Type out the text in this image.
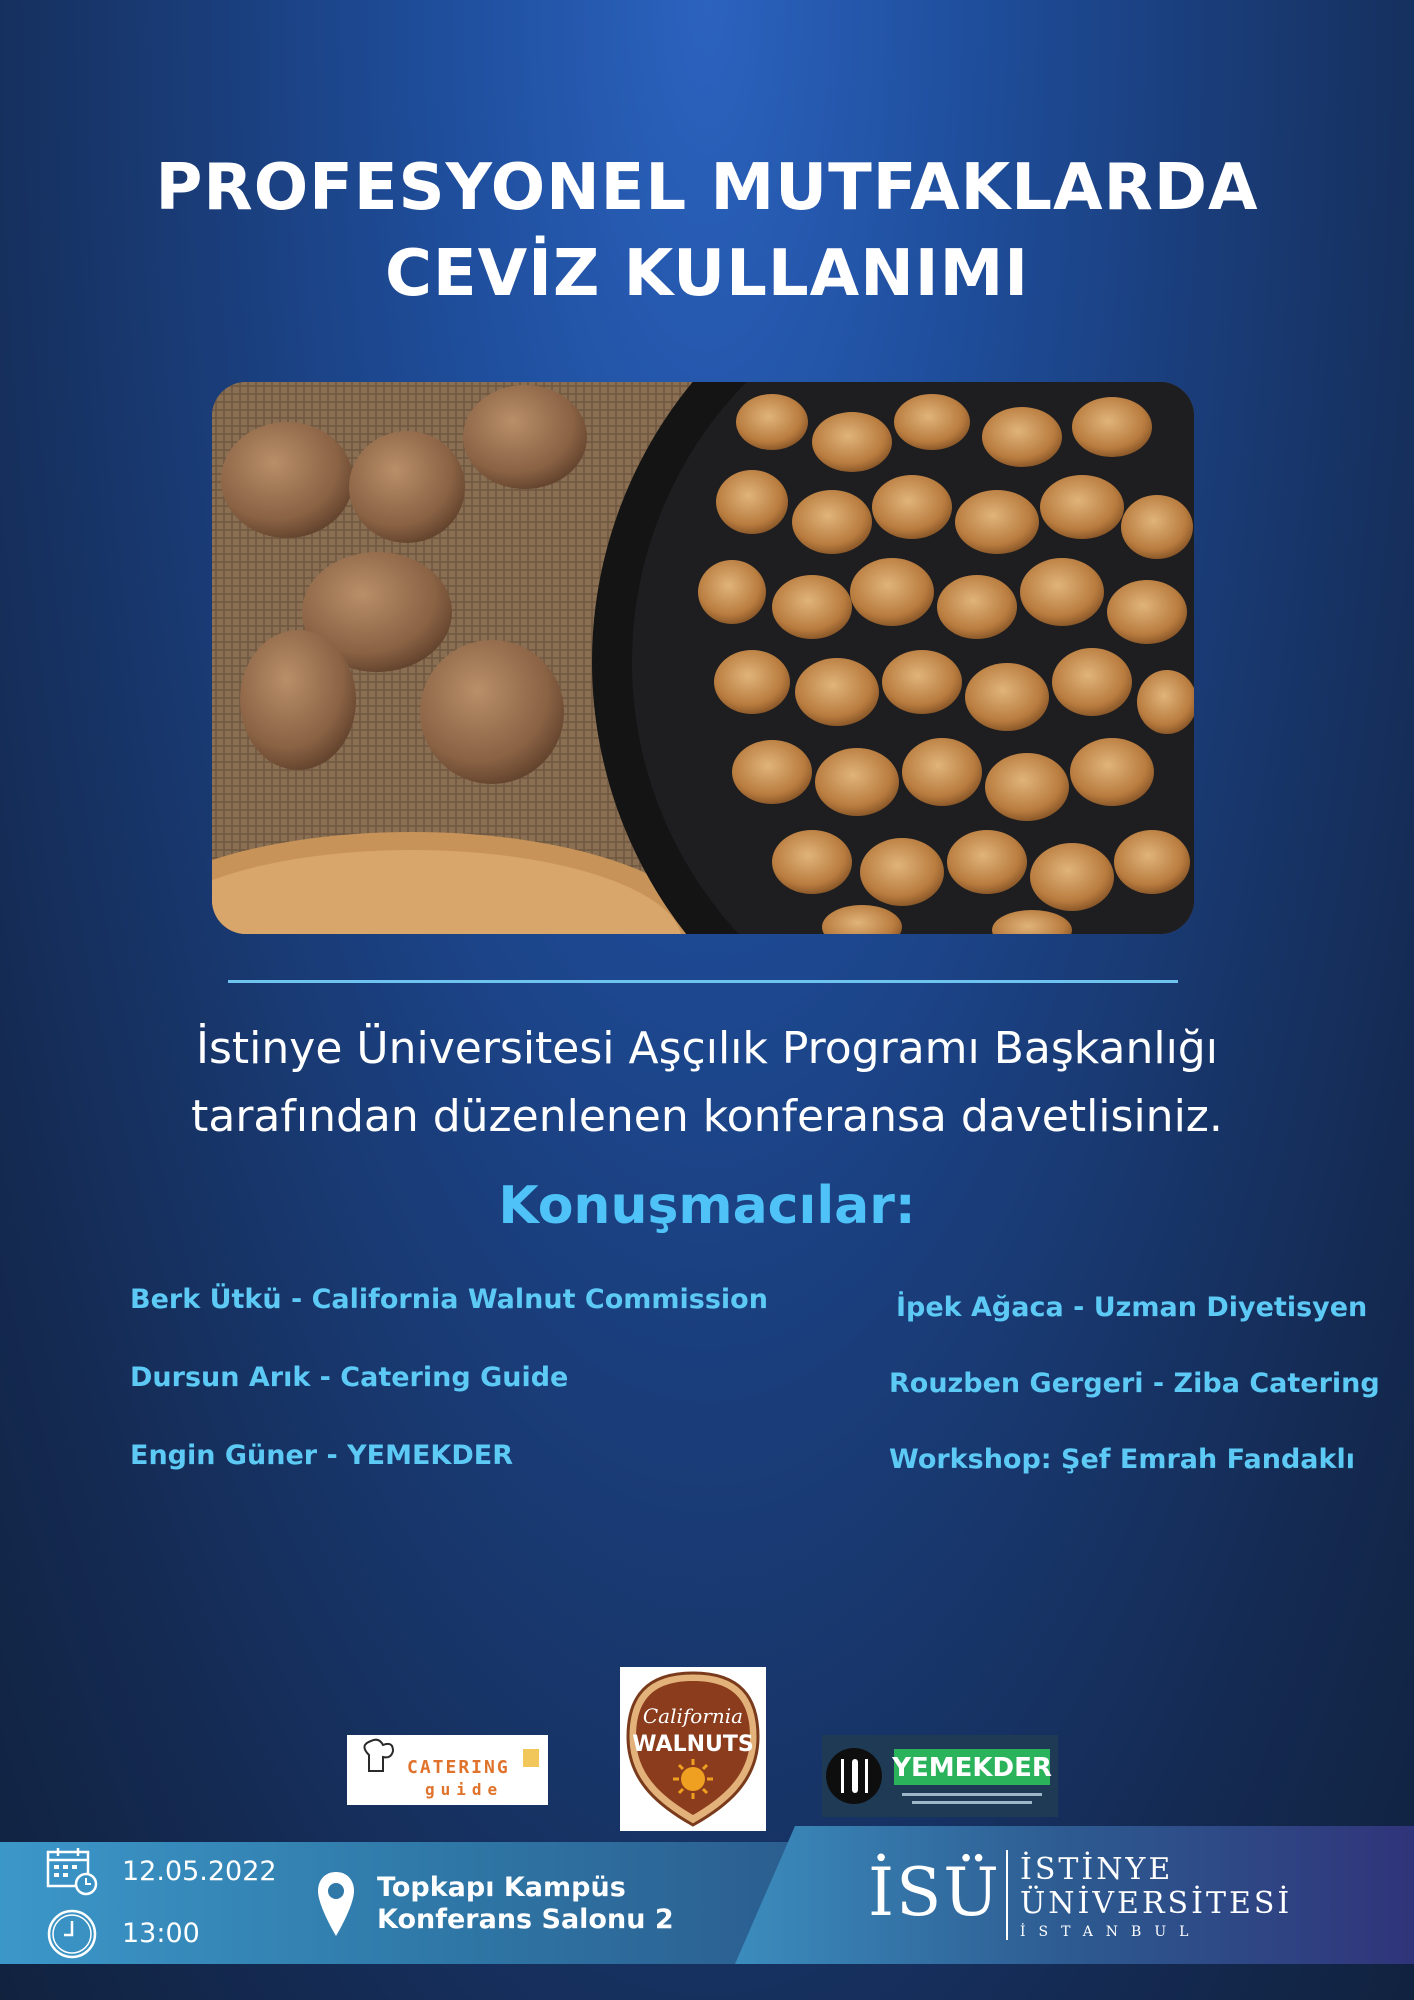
PROFESYONEL MUTFAKLARDA
CEVİZ KULLANIMI
İstinye Üniversitesi Aşçılık Programı Başkanlığı
tarafından düzenlenen konferansa davetlisiniz.
Konuşmacılar:
Berk Ütkü - California Walnut Commission
Dursun Arık - Catering Guide
Engin Güner - YEMEKDER
İpek Ağaca - Uzman Diyetisyen
Rouzben Gergeri - Ziba Catering
Workshop: Şef Emrah Fandaklı
CATERING
guide
California
WALNUTS
YEMEKDER
12.05.2022
13:00
Topkapı Kampüs
Konferans Salonu 2	İSÜ İSTİNYE
ÜNİVERSİTESİ
İSTANBUL
